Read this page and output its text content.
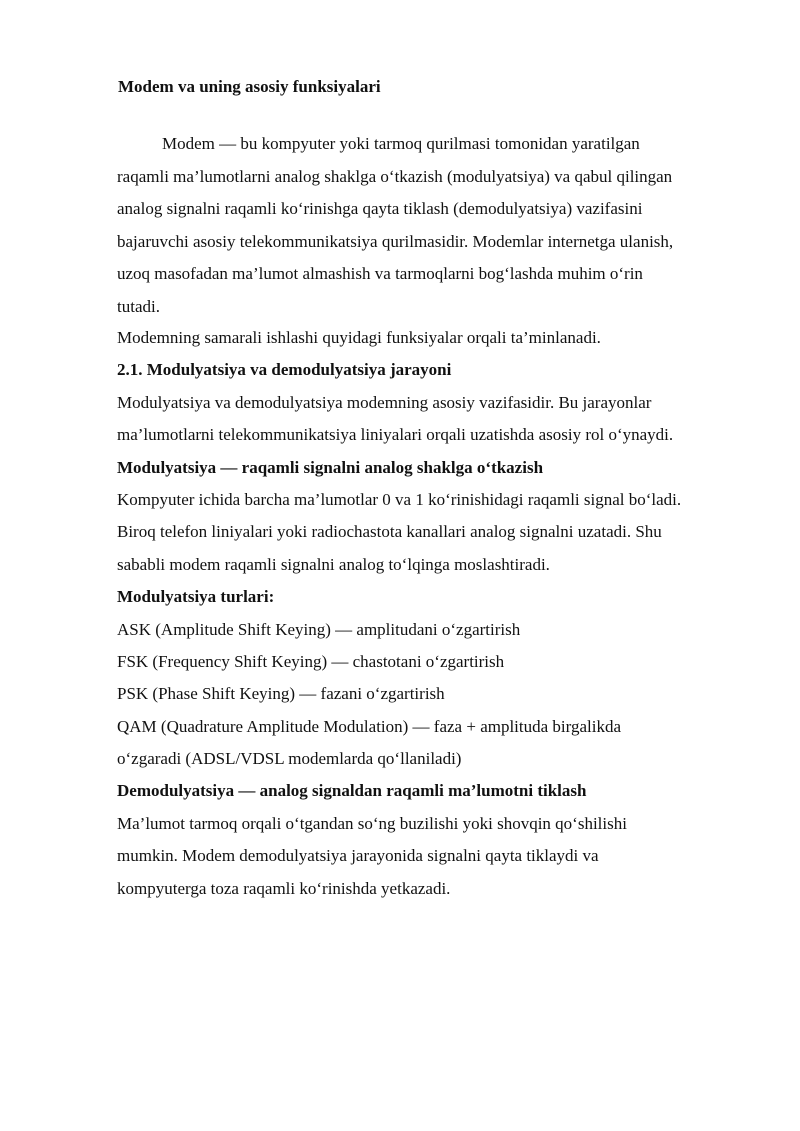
Modem va uning asosiy funksiyalari

Modem — bu kompyuter yoki tarmoq qurilmasi tomonidan yaratilgan
raqamli ma’lumotlarni analog shaklga o‘tkazish (modulyatsiya) va qabul qilingan
analog signalni raqamli ko‘rinishga qayta tiklash (demodulyatsiya) vazifasini
bajaruvchi asosiy telekommunikatsiya qurilmasidir. Modemlar internetga ulanish,
uzoq masofadan ma’lumot almashish va tarmoqlarni bog‘lashda muhim o‘rin
tutadi.

Modemning samarali ishlashi quyidagi funksiyalar orqali ta’minlanadi.
2.1. Modulyatsiya va demodulyatsiya jarayoni
Modulyatsiya va demodulyatsiya modemning asosiy vazifasidir. Bu jarayonlar
ma’lumotlarni telekommunikatsiya liniyalari orqali uzatishda asosiy rol o‘ynaydi.
Modulyatsiya — raqamli signalni analog shaklga o‘tkazish
Kompyuter ichida barcha ma’lumotlar 0 va 1 ko‘rinishidagi raqamli signal bo‘ladi.
Biroq telefon liniyalari yoki radiochastota kanallari analog signalni uzatadi. Shu
sababli modem raqamli signalni analog to‘lqinga moslashtiradi.
Modulyatsiya turlari:
ASK (Amplitude Shift Keying) — amplitudani o‘zgartirish
FSK (Frequency Shift Keying) — chastotani o‘zgartirish
PSK (Phase Shift Keying) — fazani o‘zgartirish
QAM (Quadrature Amplitude Modulation) — faza + amplituda birgalikda
o‘zgaradi (ADSL/VDSL modemlarda qo‘llaniladi)
Demodulyatsiya — analog signaldan raqamli ma’lumotni tiklash
Ma’lumot tarmoq orqali o‘tgandan so‘ng buzilishi yoki shovqin qo‘shilishi
mumkin. Modem demodulyatsiya jarayonida signalni qayta tiklaydi va
kompyuterga toza raqamli ko‘rinishda yetkazadi.
